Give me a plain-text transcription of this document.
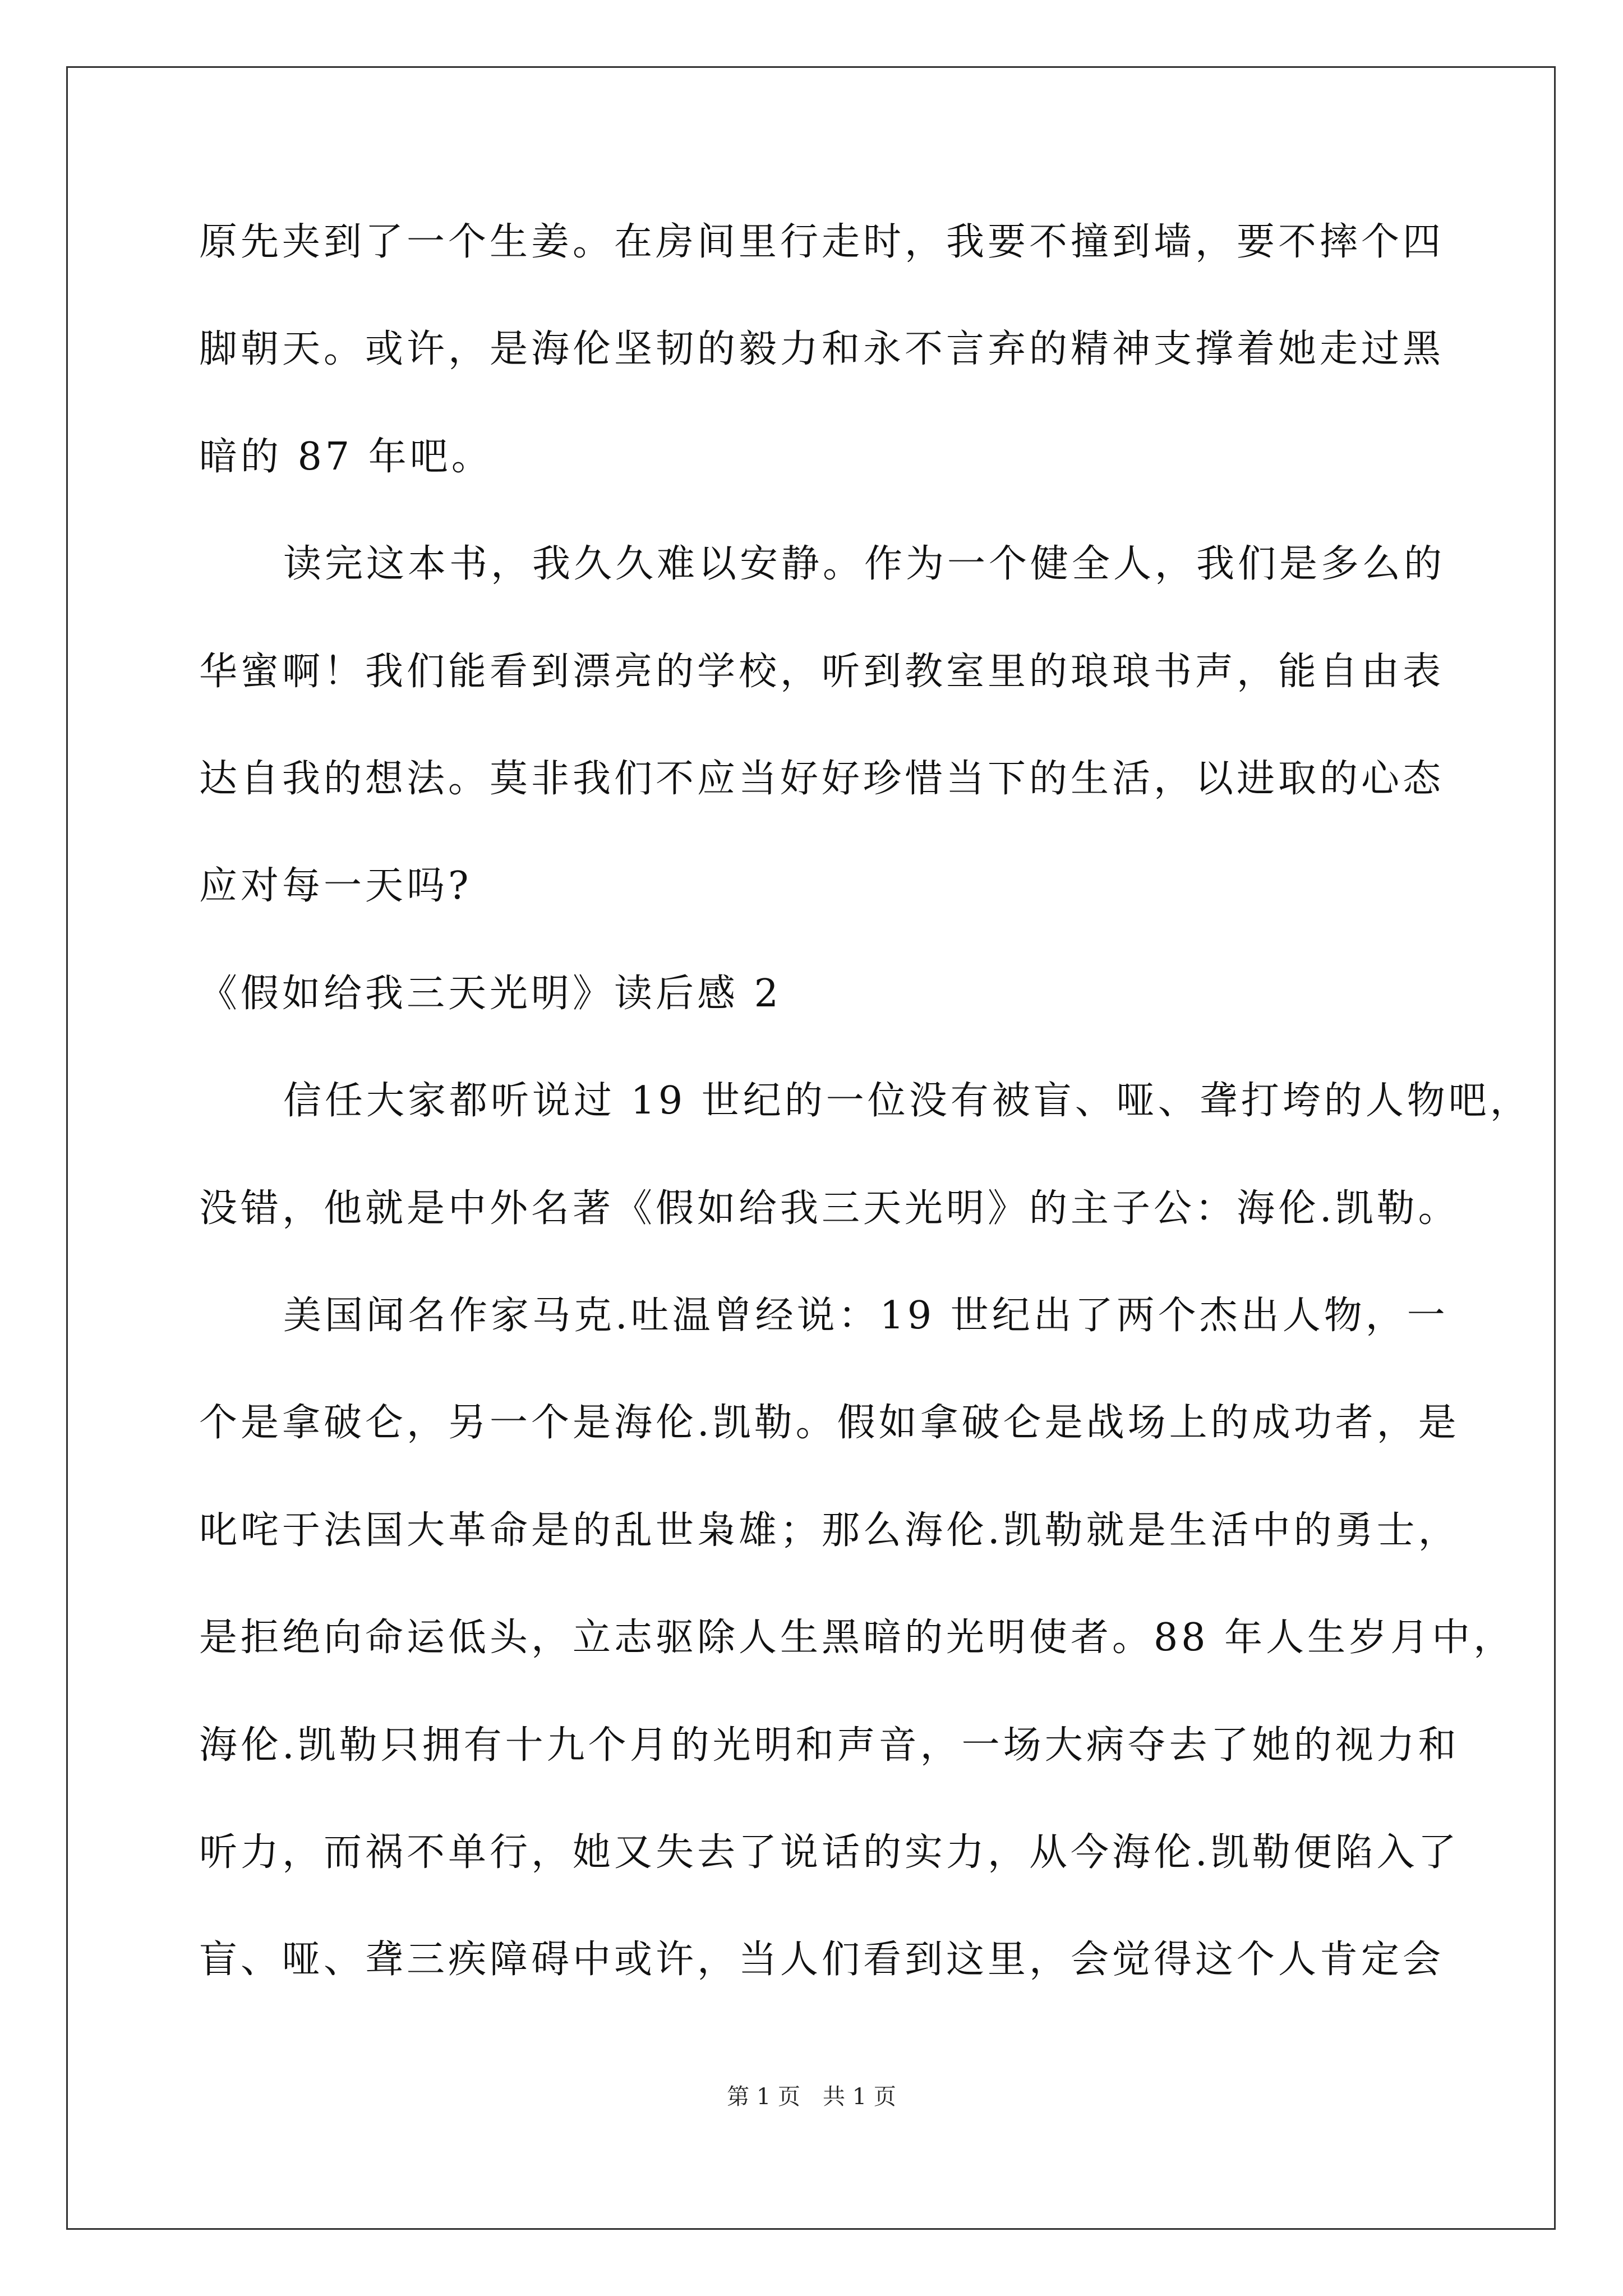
原先夹到了一个生姜。在房间里行走时，我要不撞到墙，要不摔个四
脚朝天。或许，是海伦坚韧的毅力和永不言弃的精神支撑着她走过黑
暗的 87 年吧。
读完这本书，我久久难以安静。作为一个健全人，我们是多么的
华蜜啊！我们能看到漂亮的学校，听到教室里的琅琅书声，能自由表
达自我的想法。莫非我们不应当好好珍惜当下的生活，以进取的心态
应对每一天吗?
《假如给我三天光明》读后感 2
信任大家都听说过 19 世纪的一位没有被盲、哑、聋打垮的人物吧，
没错，他就是中外名著《假如给我三天光明》的主子公：海伦.凯勒。
美国闻名作家马克.吐温曾经说：19 世纪出了两个杰出人物，一
个是拿破仑，另一个是海伦.凯勒。假如拿破仑是战场上的成功者，是
叱咤于法国大革命是的乱世枭雄；那么海伦.凯勒就是生活中的勇士，
是拒绝向命运低头，立志驱除人生黑暗的光明使者。88 年人生岁月中，
海伦.凯勒只拥有十九个月的光明和声音，一场大病夺去了她的视力和
听力，而祸不单行，她又失去了说话的实力，从今海伦.凯勒便陷入了
盲、哑、聋三疾障碍中或许，当人们看到这里，会觉得这个人肯定会
第 1 页　共 1 页
